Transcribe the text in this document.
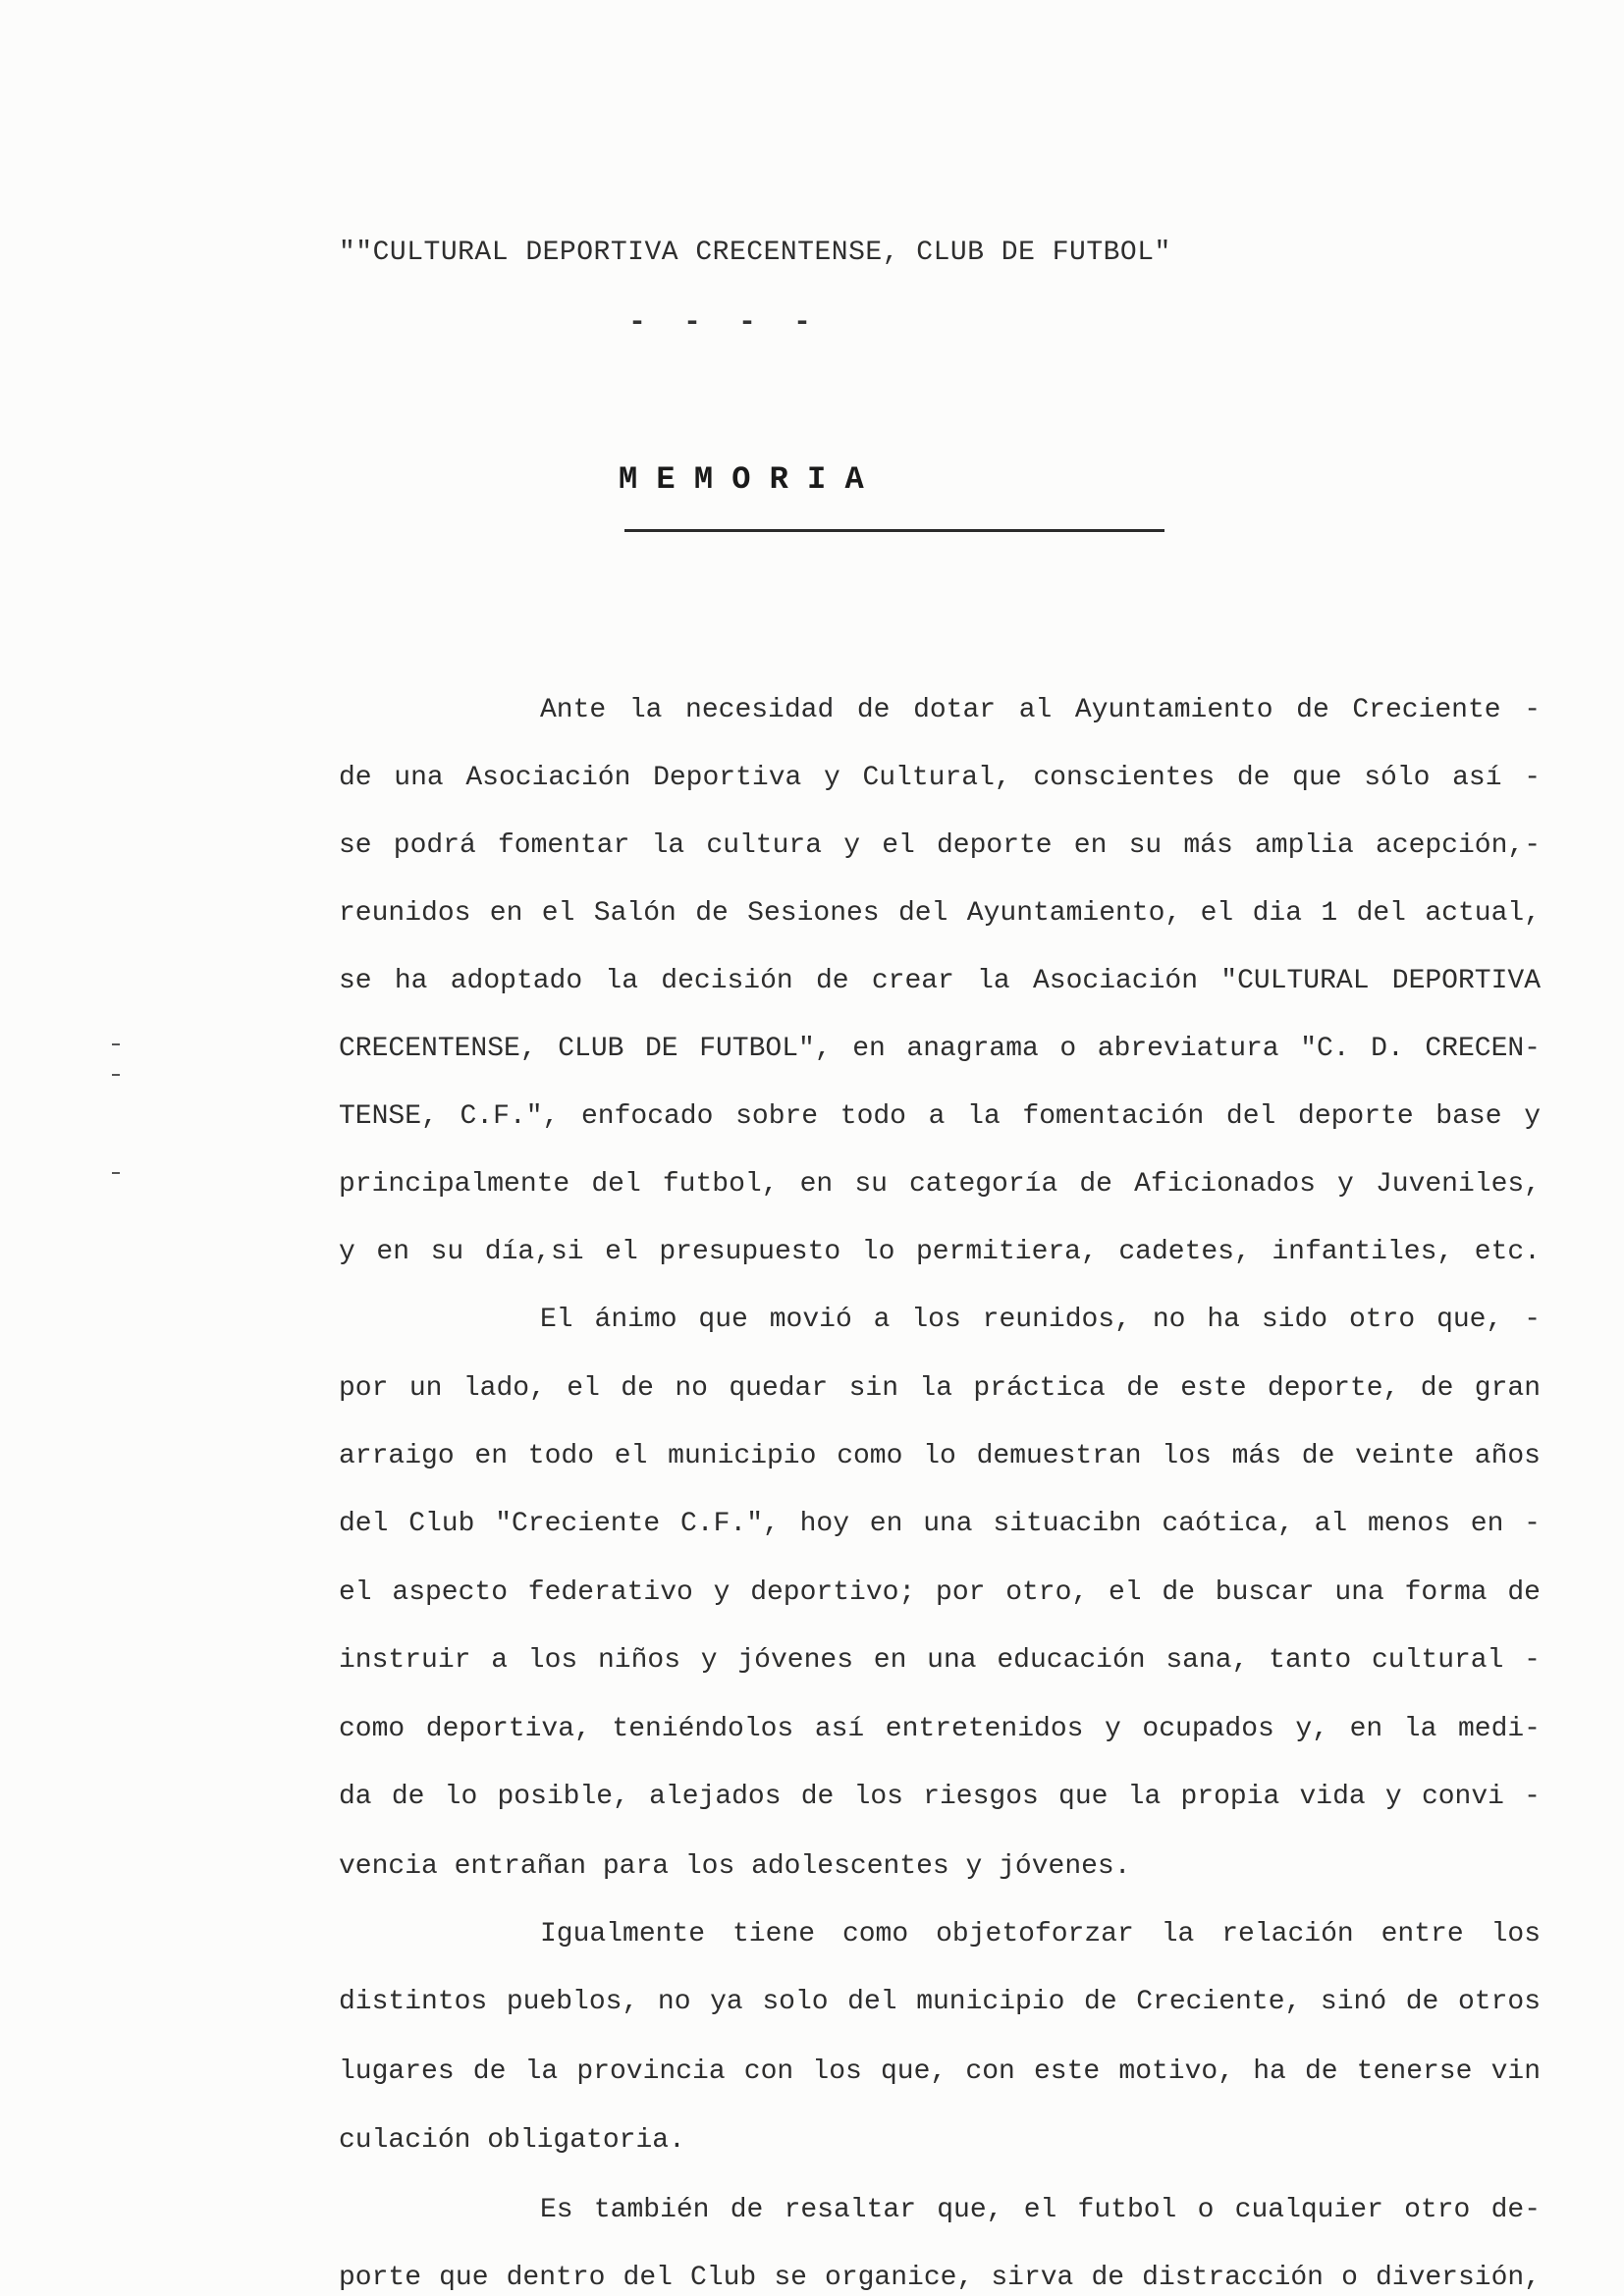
""CULTURAL DEPORTIVA CRECENTENSE, CLUB DE FUTBOL"
- - - -
M E M O R I A
Ante la necesidad de dotar al Ayuntamiento de Creciente -
de una Asociación Deportiva y Cultural, conscientes de que sólo así -
se podrá fomentar la cultura y el deporte en su más amplia acepción,-
reunidos en el Salón de Sesiones del Ayuntamiento, el dia 1 del actual,
se ha adoptado la decisión de crear la Asociación "CULTURAL DEPORTIVA
CRECENTENSE, CLUB DE FUTBOL", en anagrama o abreviatura "C. D. CRECEN-
TENSE, C.F.", enfocado sobre todo a la fomentación del deporte base y
principalmente del futbol, en su categoría de Aficionados y Juveniles,
y en su día,si el presupuesto lo permitiera, cadetes, infantiles, etc.
El ánimo que movió a los reunidos, no ha sido otro que, -
por un lado, el de no quedar sin la práctica de este deporte, de gran
arraigo en todo el municipio como lo demuestran los más de veinte años
del Club "Creciente C.F.", hoy en una situacibn caótica, al menos en -
el aspecto federativo y deportivo; por otro, el de buscar una forma de
instruir a los niños y jóvenes en una educación sana, tanto cultural -
como deportiva, teniéndolos así entretenidos y ocupados y, en la medi-
da de lo posible, alejados de los riesgos que la propia vida y convi -
vencia entrañan para los adolescentes y jóvenes.
Igualmente tiene como objetoforzar la relación entre los
distintos pueblos, no ya solo del municipio de Creciente, sinó de otros
lugares de la provincia con los que, con este motivo, ha de tenerse vin
culación obligatoria.
Es también de resaltar que, el futbol o cualquier otro de-
porte que dentro del Club se organice, sirva de distracción o diversión,
